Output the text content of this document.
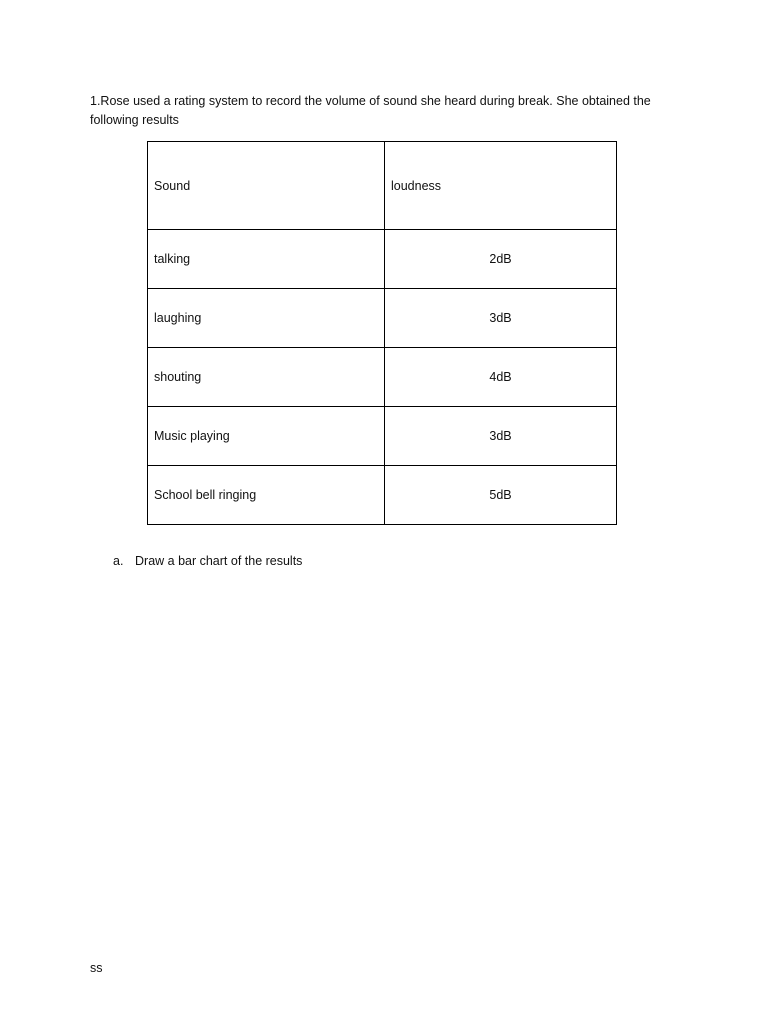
1.Rose used a rating system to record the volume of sound she heard during break. She obtained the following results

Sound	loudness
talking	2dB
laughing	3dB
shouting	4dB
Music playing	3dB
School bell ringing	5dB
a. Draw a bar chart of the results
ss
